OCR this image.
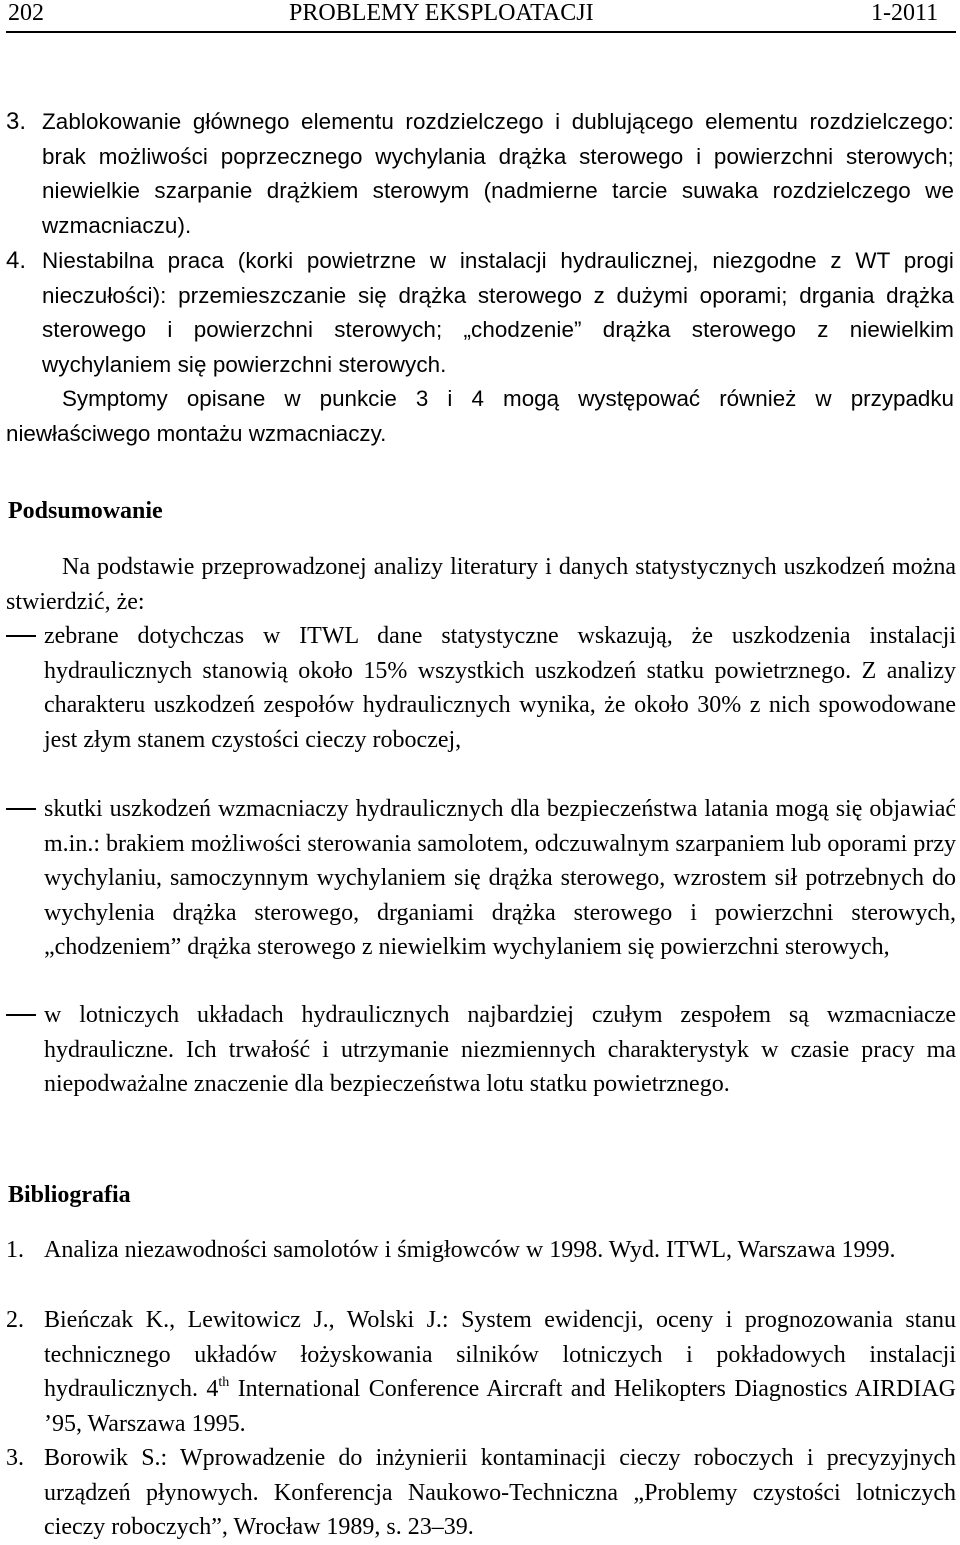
202	PROBLEMY EKSPLOATACJI	1-2011
3. Zablokowanie głównego elementu rozdzielczego i dublującego elementu rozdzielczego: brak możliwości poprzecznego wychylania drążka sterowego i powierzchni sterowych; niewielkie szarpanie drążkiem sterowym (nadmierne tarcie suwaka rozdzielczego we wzmacniaczu).
4. Niestabilna praca (korki powietrzne w instalacji hydraulicznej, niezgodne z WT progi nieczułości): przemieszczanie się drążka sterowego z dużymi oporami; drgania drążka sterowego i powierzchni sterowych; „chodzenie” drążka sterowego z niewielkim wychylaniem się powierzchni sterowych.
Symptomy opisane w punkcie 3 i 4 mogą występować również w przypadku niewłaściwego montażu wzmacniaczy.
Podsumowanie
Na podstawie przeprowadzonej analizy literatury i danych statystycznych uszkodzeń można stwierdzić, że:
zebrane dotychczas w ITWL dane statystyczne wskazują, że uszkodzenia instalacji hydraulicznych stanowią około 15% wszystkich uszkodzeń statku powietrznego. Z analizy charakteru uszkodzeń zespołów hydraulicznych wynika, że około 30% z nich spowodowane jest złym stanem czystości cieczy roboczej,
skutki uszkodzeń wzmacniaczy hydraulicznych dla bezpieczeństwa latania mogą się objawiać m.in.: brakiem możliwości sterowania samolotem, odczuwalnym szarpaniem lub oporami przy wychylaniu, samoczynnym wychylaniem się drążka sterowego, wzrostem sił potrzebnych do wychylenia drążka sterowego, drganiami drążka sterowego i powierzchni sterowych, „chodzeniem” drążka sterowego z niewielkim wychylaniem się powierzchni sterowych,
w lotniczych układach hydraulicznych najbardziej czułym zespołem są wzmacniacze hydrauliczne. Ich trwałość i utrzymanie niezmiennych charakterystyk w czasie pracy ma niepodważalne znaczenie dla bezpieczeństwa lotu statku powietrznego.
Bibliografia
1. Analiza niezawodności samolotów i śmigłowców w 1998. Wyd. ITWL, Warszawa 1999.
2. Bieńczak K., Lewitowicz J., Wolski J.: System ewidencji, oceny i prognozowania stanu technicznego układów łożyskowania silników lotniczych i pokładowych instalacji hydraulicznych. 4th International Conference Aircraft and Helikopters Diagnostics AIRDIAG ’95, Warszawa 1995.
3. Borowik S.: Wprowadzenie do inżynierii kontaminacji cieczy roboczych i precyzyjnych urządzeń płynowych. Konferencja Naukowo-Techniczna „Problemy czystości lotniczych cieczy roboczych”, Wrocław 1989, s. 23–39.
